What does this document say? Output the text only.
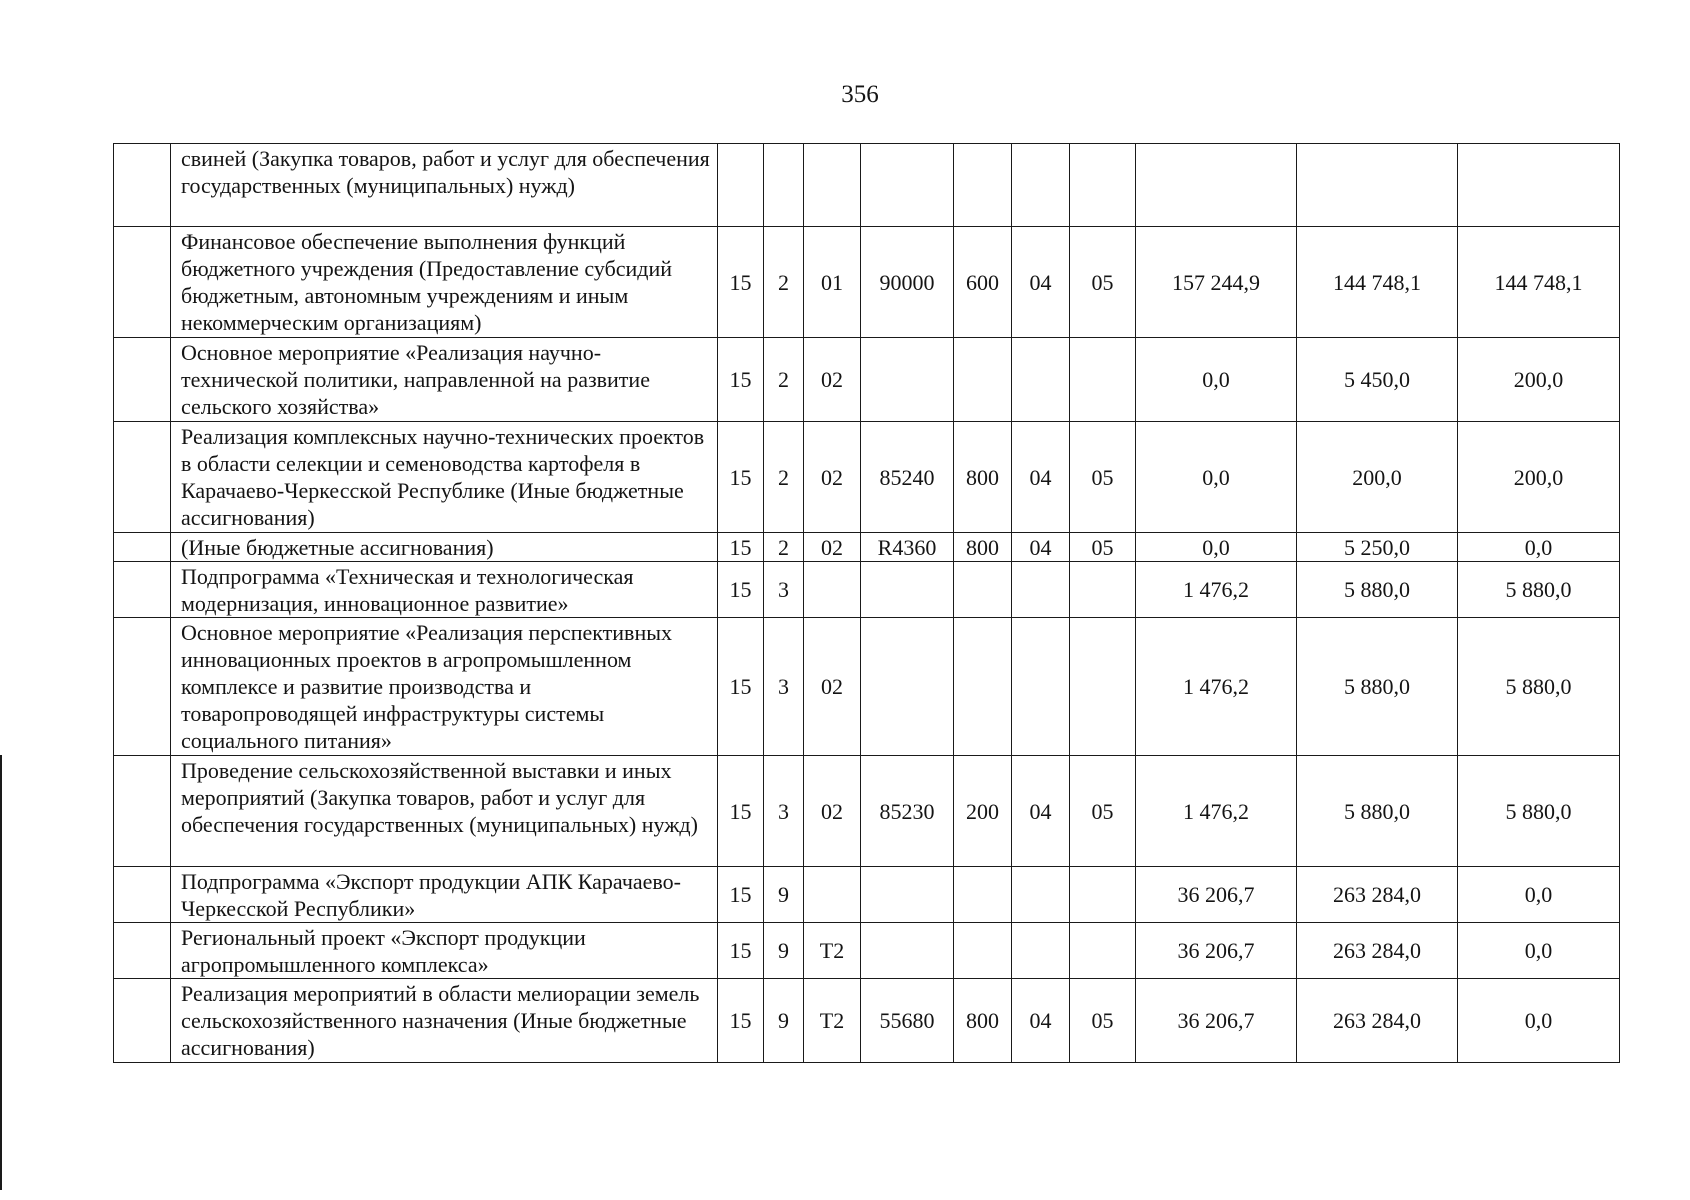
356
	свиней (Закупка товаров, работ и услуг для обеспечения государственных (муниципальных) нужд)										
	Финансовое обеспечение выполнения функций бюджетного учреждения (Предоставление субсидий бюджетным, автономным учреждениям и иным некоммерческим организациям)	15	2	01	90000	600	04	05	157 244,9	144 748,1	144 748,1
	Основное мероприятие «Реализация научно-технической политики, направленной на развитие сельского хозяйства»	15	2	02					0,0	5 450,0	200,0
	Реализация комплексных научно-технических проектов в области селекции и семеноводства картофеля в Карачаево-Черкесской Республике (Иные бюджетные ассигнования)	15	2	02	85240	800	04	05	0,0	200,0	200,0
	(Иные бюджетные ассигнования)	15	2	02	R4360	800	04	05	0,0	5 250,0	0,0
	Подпрограмма «Техническая и технологическая модернизация, инновационное развитие»	15	3						1 476,2	5 880,0	5 880,0
	Основное мероприятие «Реализация перспективных инновационных проектов в агропромышленном комплексе и развитие производства и товаропроводящей инфраструктуры системы социального питания»	15	3	02					1 476,2	5 880,0	5 880,0
	Проведение сельскохозяйственной выставки и иных мероприятий (Закупка товаров, работ и услуг для обеспечения государственных (муниципальных) нужд)	15	3	02	85230	200	04	05	1 476,2	5 880,0	5 880,0
	Подпрограмма «Экспорт продукции АПК Карачаево-Черкесской Республики»	15	9						36 206,7	263 284,0	0,0
	Региональный проект «Экспорт продукции агропромышленного комплекса»	15	9	Т2					36 206,7	263 284,0	0,0
	Реализация мероприятий в области мелиорации земель сельскохозяйственного назначения (Иные бюджетные ассигнования)	15	9	Т2	55680	800	04	05	36 206,7	263 284,0	0,0
